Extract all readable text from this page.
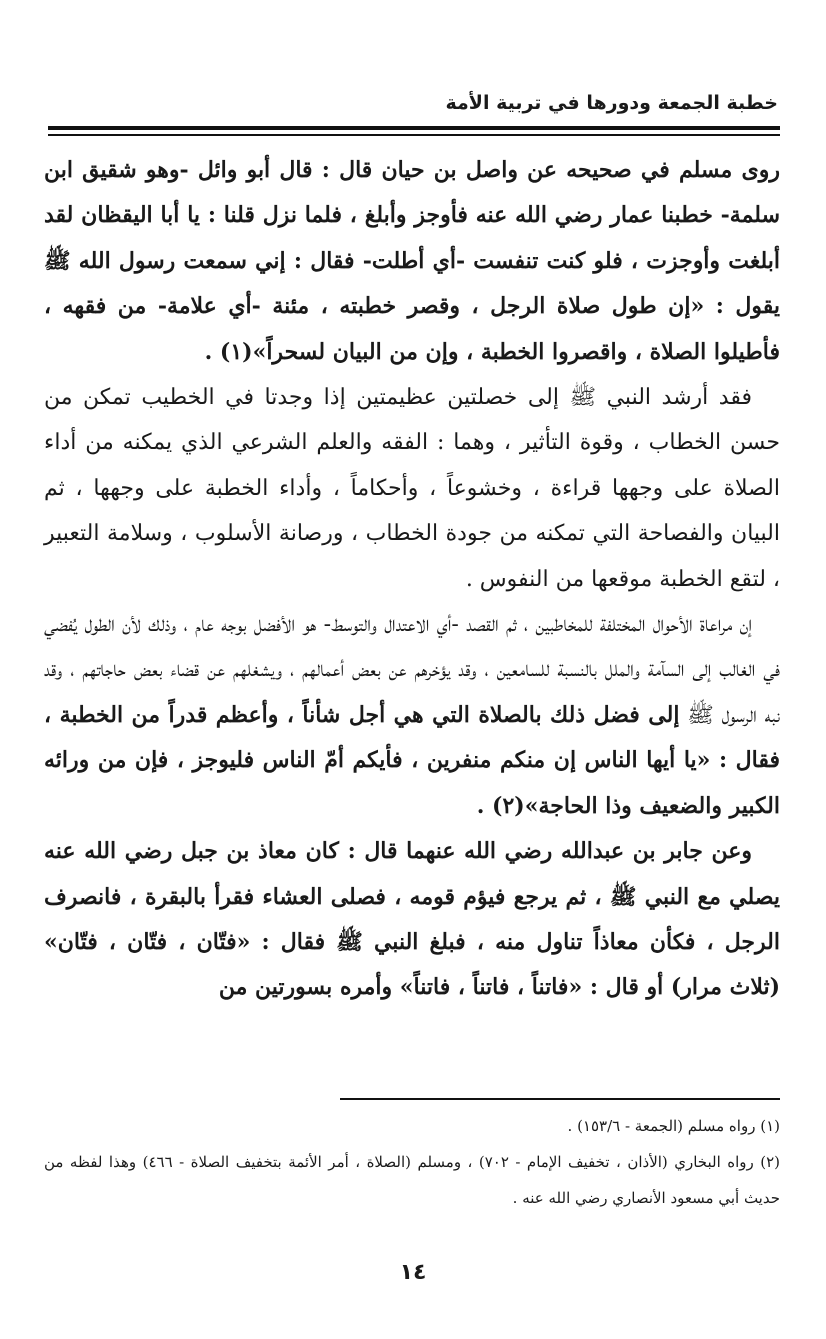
خطبة الجمعة ودورها في تربية الأمة

روى مسلم في صحيحه عن واصل بن حيان قال : قال أبو وائل -وهو شقيق ابن سلمة- خطبنا عمار رضي الله عنه فأوجز وأبلغ ، فلما نزل قلنا : يا أبا اليقظان لقد أبلغت وأوجزت ، فلو كنت تنفست -أي أطلت- فقال : إني سمعت رسول الله ﷺ يقول : «إن طول صلاة الرجل ، وقصر خطبته ، مئنة -أي علامة- من فقهه ، فأطيلوا الصلاة ، واقصروا الخطبة ، وإن من البيان لسحراً»(١) .

فقد أرشد النبي ﷺ إلى خصلتين عظيمتين إذا وجدتا في الخطيب تمكن من حسن الخطاب ، وقوة التأثير ، وهما : الفقه والعلم الشرعي الذي يمكنه من أداء الصلاة على وجهها قراءة ، وخشوعاً ، وأحكاماً ، وأداء الخطبة على وجهها ، ثم البيان والفصاحة التي تمكنه من جودة الخطاب ، ورصانة الأسلوب ، وسلامة التعبير ، لتقع الخطبة موقعها من النفوس .

إن مراعاة الأحوال المختلفة للمخاطبين ، ثم القصد -أي الاعتدال والتوسط- هو الأفضل بوجه عام ، وذلك لأن الطول يُفضي في الغالب إلى السآمة والملل بالنسبة للسامعين ، وقد يؤخرهم عن بعض أعمالهم ، ويشغلهم عن قضاء بعض حاجاتهم ، وقد نبه الرسول ﷺ إلى فضل ذلك بالصلاة التي هي أجل شأناً ، وأعظم قدراً من الخطبة ، فقال : «يا أيها الناس إن منكم منفرين ، فأيكم أمّ الناس فليوجز ، فإن من ورائه الكبير والضعيف وذا الحاجة»(٢) .

وعن جابر بن عبدالله رضي الله عنهما قال : كان معاذ بن جبل رضي الله عنه يصلي مع النبي ﷺ ، ثم يرجع فيؤم قومه ، فصلى العشاء فقرأ بالبقرة ، فانصرف الرجل ، فكأن معاذاً تناول منه ، فبلغ النبي ﷺ فقال : «فتّان ، فتّان ، فتّان» (ثلاث مرار) أو قال : «فاتناً ، فاتناً ، فاتناً» وأمره بسورتين من

(١) رواه مسلم (الجمعة - ١٥٣/٦) .

(٢) رواه البخاري (الأذان ، تخفيف الإمام - ٧٠٢) ، ومسلم (الصلاة ، أمر الأئمة بتخفيف الصلاة - ٤٦٦) وهذا لفظه من حديث أبي مسعود الأنصاري رضي الله عنه .

١٤
